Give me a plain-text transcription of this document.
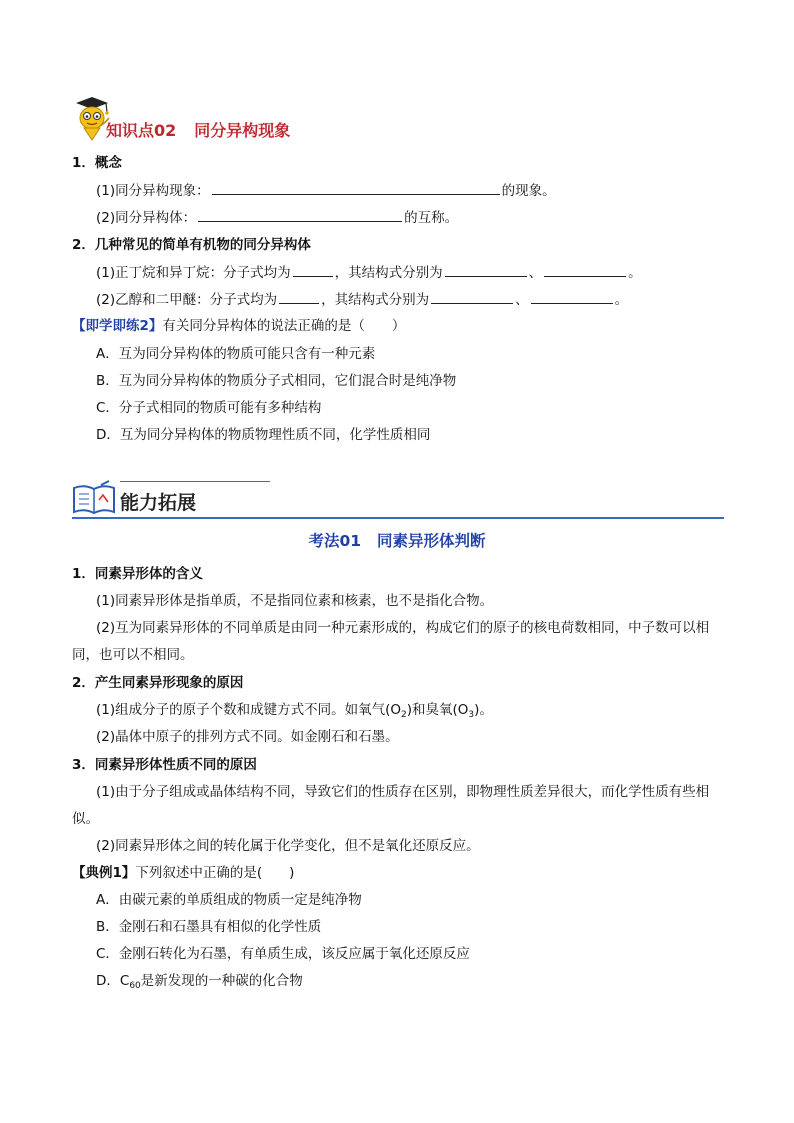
知识点02 同分异构现象
1．概念
(1)同分异构现象：	的现象。
(2)同分异构体：	的互称。
2．几种常见的简单有机物的同分异构体
(1)正丁烷和异丁烷：分子式均为	，其结构式分别为	、	。
(2)乙醇和二甲醚：分子式均为	，其结构式分别为	、	。
【即学即练2】有关同分异构体的说法正确的是（　　）
A．互为同分异构体的物质可能只含有一种元素
B．互为同分异构体的物质分子式相同，它们混合时是纯净物
C．分子式相同的物质可能有多种结构
D．互为同分异构体的物质物理性质不同，化学性质相同
能力拓展
考法01 同素异形体判断
1．同素异形体的含义
(1)同素异形体是指单质，不是指同位素和核素，也不是指化合物。
(2)互为同素异形体的不同单质是由同一种元素形成的，构成它们的原子的核电荷数相同，中子数可以相
同，也可以不相同。
2．产生同素异形现象的原因
(1)组成分子的原子个数和成键方式不同。如氧气$(O_2)$和臭氧$(O_3)$。
(2)晶体中原子的排列方式不同。如金刚石和石墨。
3．同素异形体性质不同的原因
(1)由于分子组成或晶体结构不同，导致它们的性质存在区别，即物理性质差异很大，而化学性质有些相
似。
(2)同素异形体之间的转化属于化学变化，但不是氧化还原反应。
【典例1】下列叙述中正确的是(　　)
A．由碳元素的单质组成的物质一定是纯净物
B．金刚石和石墨具有相似的化学性质
C．金刚石转化为石墨，有单质生成，该反应属于氧化还原反应
D．$C_{60}$是新发现的一种碳的化合物
